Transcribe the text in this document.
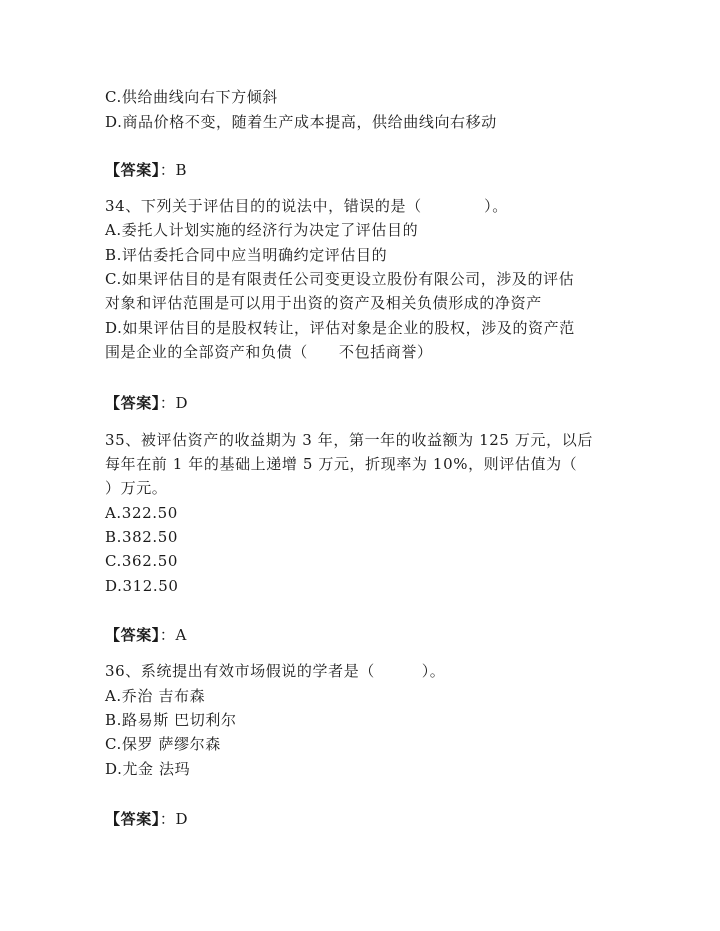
C.供给曲线向右下方倾斜
D.商品价格不变，随着生产成本提高，供给曲线向右移动
【答案】：B
34、下列关于评估目的的说法中，错误的是（　　　　）。
A.委托人计划实施的经济行为决定了评估目的
B.评估委托合同中应当明确约定评估目的
C.如果评估目的是有限责任公司变更设立股份有限公司，涉及的评估
对象和评估范围是可以用于出资的资产及相关负债形成的净资产
D.如果评估目的是股权转让，评估对象是企业的股权，涉及的资产范
围是企业的全部资产和负债（　　不包括商誉）
【答案】：D
35、被评估资产的收益期为 3 年，第一年的收益额为 125 万元，以后
每年在前 1 年的基础上递增 5 万元，折现率为 10%，则评估值为（
）万元。
A.322.50
B.382.50
C.362.50
D.312.50
【答案】：A
36、系统提出有效市场假说的学者是（　　　）。
A.乔治 吉布森
B.路易斯 巴切利尔
C.保罗 萨缪尔森
D.尤金 法玛
【答案】：D
